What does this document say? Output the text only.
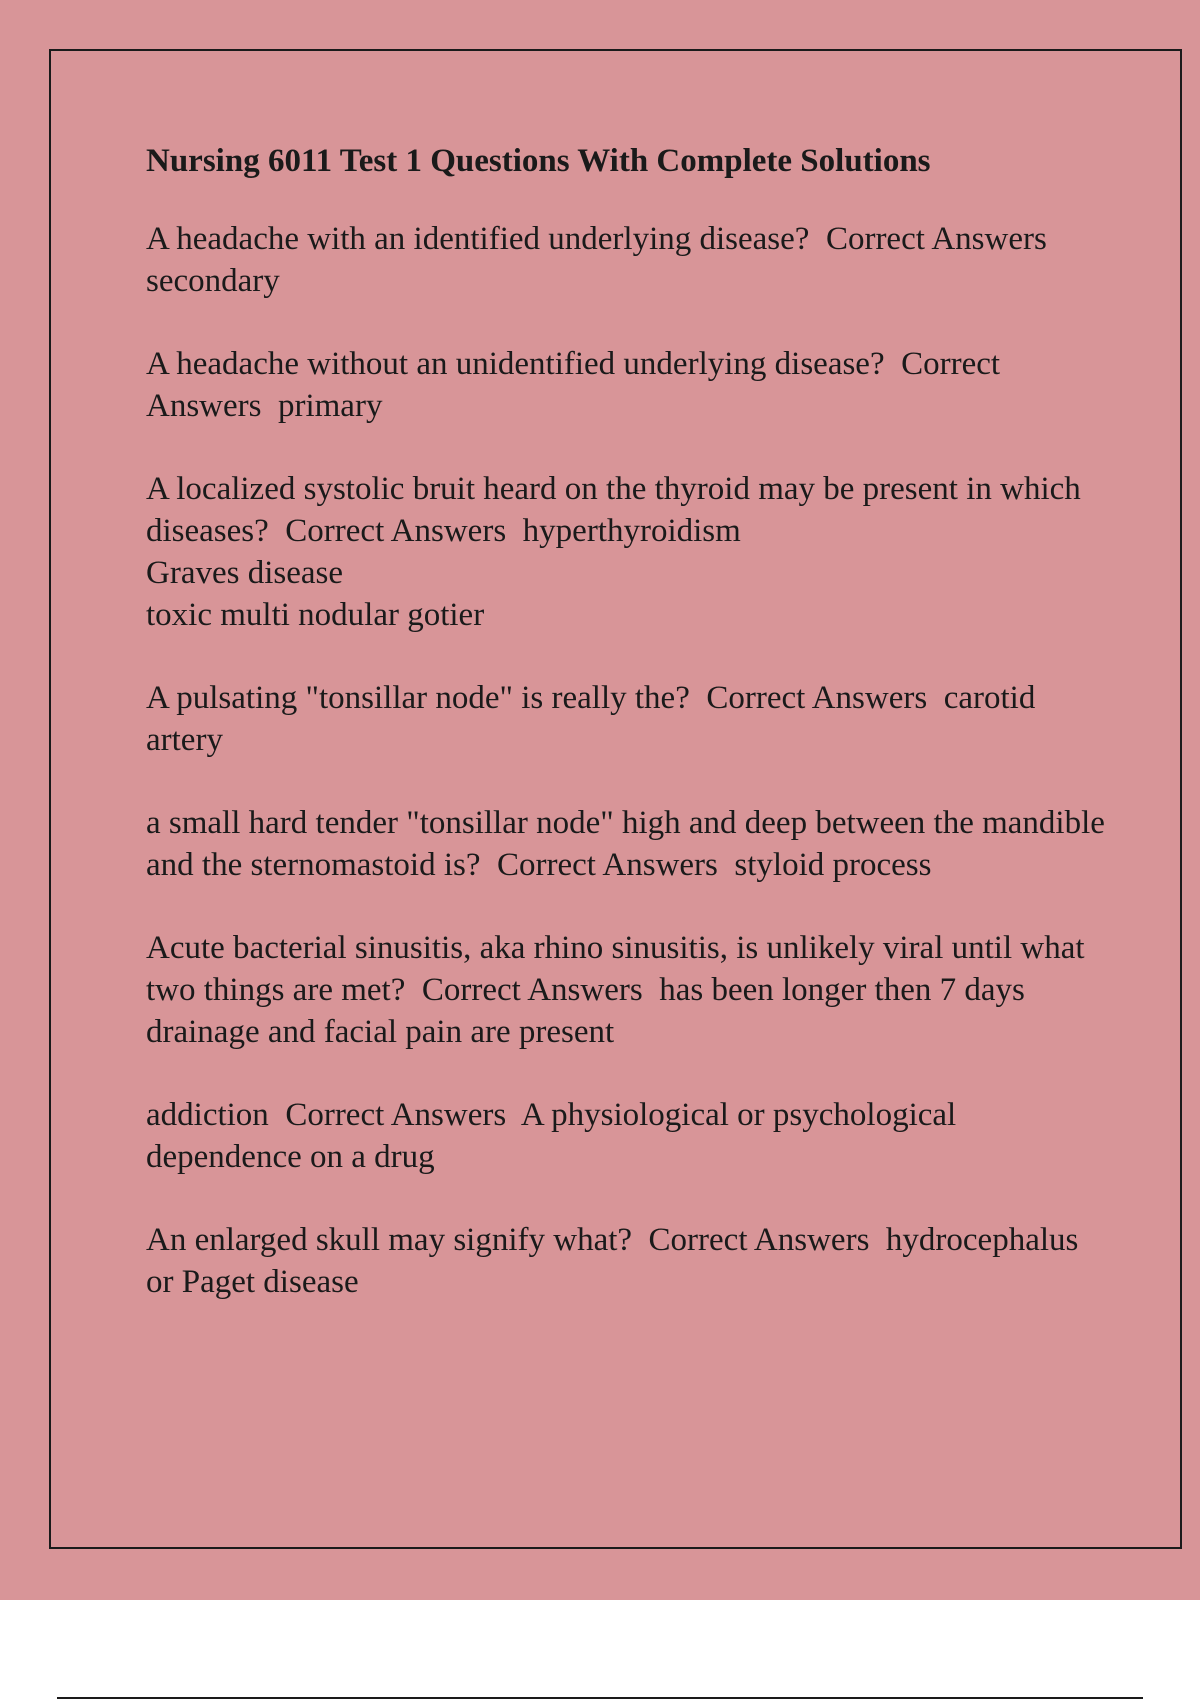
Nursing 6011 Test 1 Questions With Complete Solutions
A headache with an identified underlying disease?  Correct Answers  secondary
A headache without an unidentified underlying disease?  Correct Answers  primary
A localized systolic bruit heard on the thyroid may be present in which diseases?  Correct Answers  hyperthyroidism
Graves disease
toxic multi nodular gotier
A pulsating "tonsillar node" is really the?  Correct Answers  carotid artery
a small hard tender "tonsillar node" high and deep between the mandible and the sternomastoid is?  Correct Answers  styloid process
Acute bacterial sinusitis, aka rhino sinusitis, is unlikely viral until what two things are met?  Correct Answers  has been longer then 7 days
drainage and facial pain are present
addiction  Correct Answers  A physiological or psychological dependence on a drug
An enlarged skull may signify what?  Correct Answers  hydrocephalus or Paget disease
